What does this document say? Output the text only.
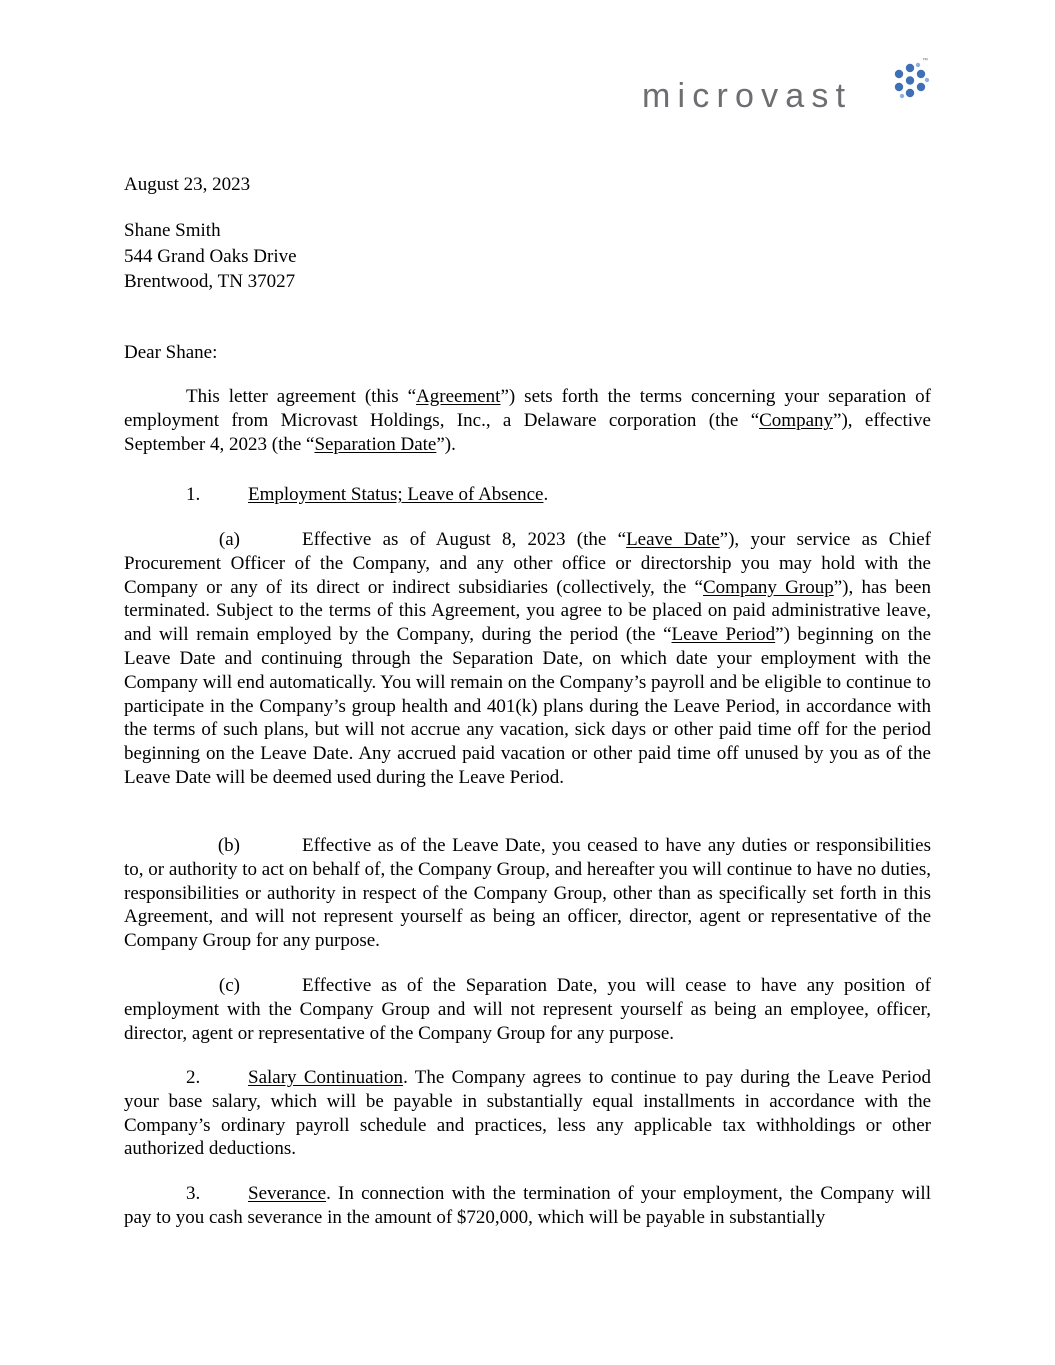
microvast
™
August 23, 2023
Shane Smith
544 Grand Oaks Drive
Brentwood, TN 37027
Dear Shane:
This letter agreement (this “Agreement”) sets forth the terms concerning your separation of employment from Microvast Holdings, Inc., a Delaware corporation (the “Company”), effective September 4, 2023 (the “Separation Date”).
1.	Employment Status; Leave of Absence.
(a)	Effective as of August 8, 2023 (the “Leave Date”), your service as Chief Procurement Officer of the Company, and any other office or directorship you may hold with the Company or any of its direct or indirect subsidiaries (collectively, the “Company Group”), has been terminated. Subject to the terms of this Agreement, you agree to be placed on paid administrative leave, and will remain employed by the Company, during the period (the “Leave Period”) beginning on the Leave Date and continuing through the Separation Date, on which date your employment with the Company will end automatically. You will remain on the Company’s payroll and be eligible to continue to participate in the Company’s group health and 401(k) plans during the Leave Period, in accordance with the terms of such plans, but will not accrue any vacation, sick days or other paid time off for the period beginning on the Leave Date. Any accrued paid vacation or other paid time off unused by you as of the Leave Date will be deemed used during the Leave Period.
(b)	Effective as of the Leave Date, you ceased to have any duties or responsibilities to, or authority to act on behalf of, the Company Group, and hereafter you will continue to have no duties, responsibilities or authority in respect of the Company Group, other than as specifically set forth in this Agreement, and will not represent yourself as being an officer, director, agent or representative of the Company Group for any purpose.
(c)	Effective as of the Separation Date, you will cease to have any position of employment with the Company Group and will not represent yourself as being an employee, officer, director, agent or representative of the Company Group for any purpose.
2.	Salary Continuation. The Company agrees to continue to pay during the Leave Period your base salary, which will be payable in substantially equal installments in accordance with the Company’s ordinary payroll schedule and practices, less any applicable tax withholdings or other authorized deductions.
3.	Severance. In connection with the termination of your employment, the Company will pay to you cash severance in the amount of $720,000, which will be payable in substantially
